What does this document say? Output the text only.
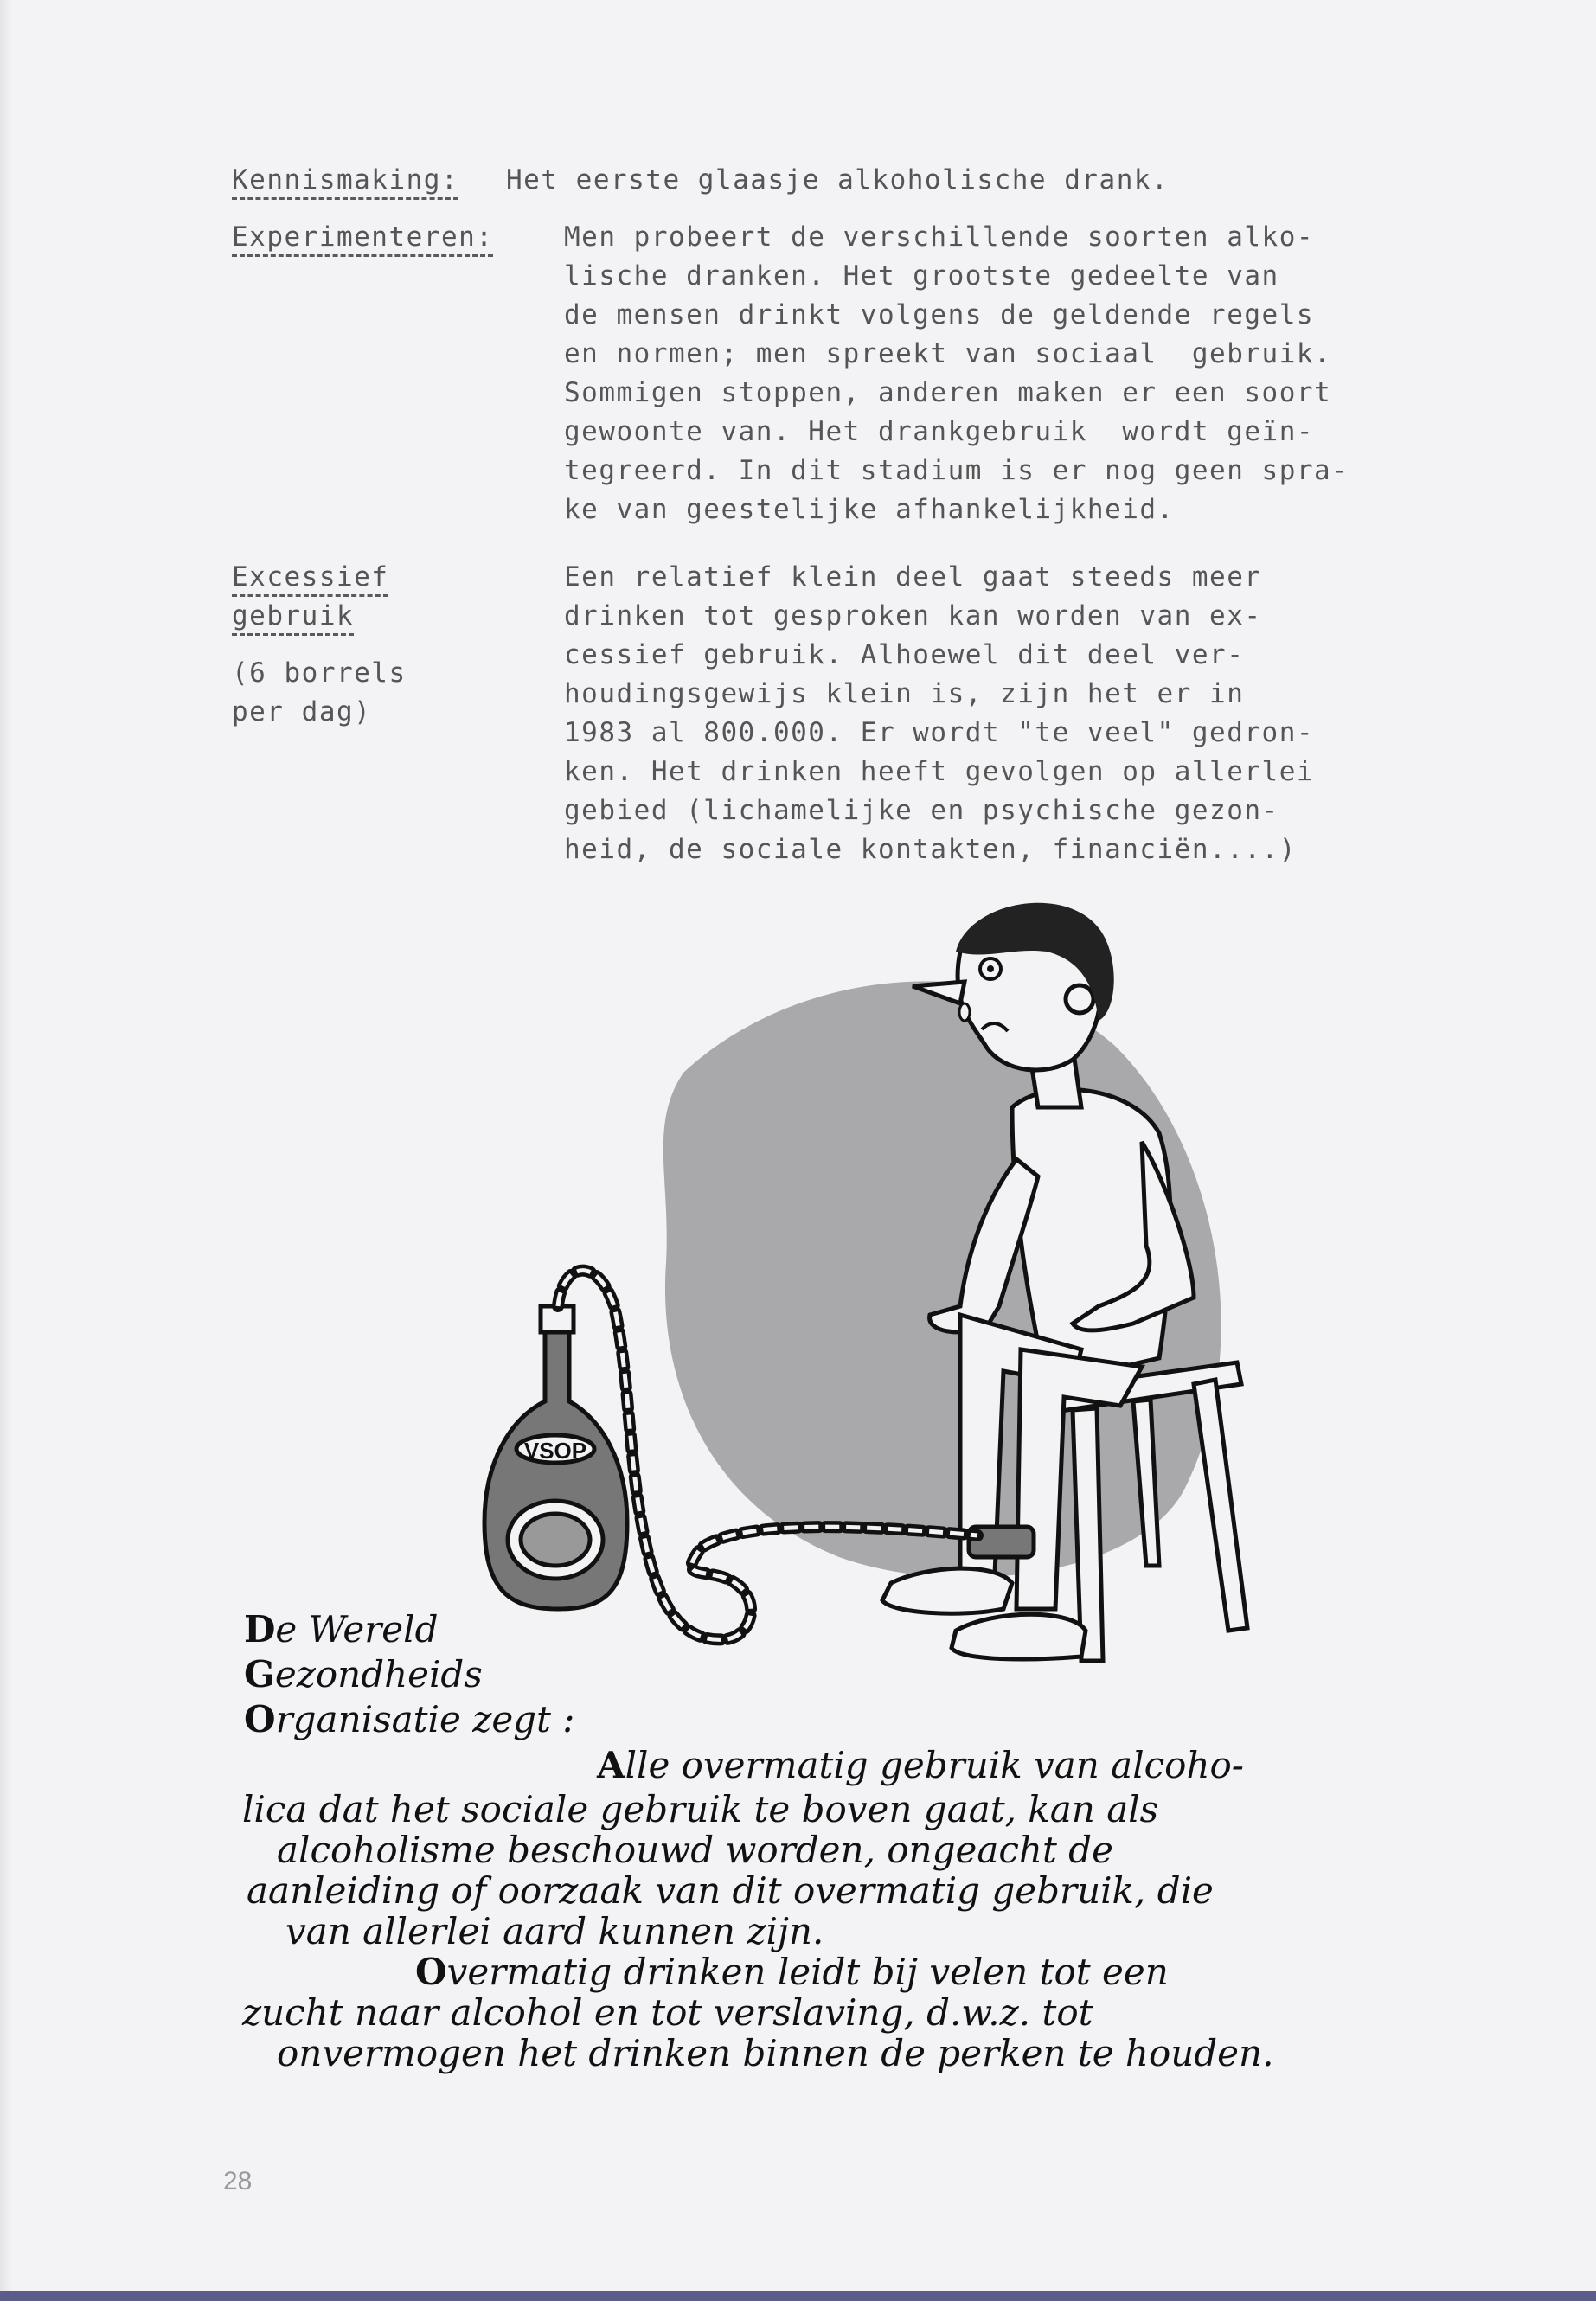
Kennismaking: Het eerste glaasje alkoholische drank.
Experimenteren:	Men probeert de verschillende soorten alko-
lische dranken. Het grootste gedeelte van
de mensen drinkt volgens de geldende regels
en normen; men spreekt van sociaal  gebruik.
Sommigen stoppen, anderen maken er een soort
gewoonte van. Het drankgebruik  wordt geïn-
tegreerd. In dit stadium is er nog geen spra-
ke van geestelijke afhankelijkheid.
Excessief
gebruik
(6 borrels
per dag)
Een relatief klein deel gaat steeds meer
drinken tot gesproken kan worden van ex-
cessief gebruik. Alhoewel dit deel ver-
houdingsgewijs klein is, zijn het er in
1983 al 800.000. Er wordt "te veel" gedron-
ken. Het drinken heeft gevolgen op allerlei
gebied (lichamelijke en psychische gezon-
heid, de sociale kontakten, financiën....)
VSOP
De Wereld
Gezondheids
Organisatie zegt :
Alle overmatig gebruik van alcoho-
lica dat het sociale gebruik te boven gaat, kan als
alcoholisme beschouwd worden, ongeacht de
aanleiding of oorzaak van dit overmatig gebruik, die
van allerlei aard kunnen zijn.
Overmatig drinken leidt bij velen tot een
zucht naar alcohol en tot verslaving, d.w.z. tot
onvermogen het drinken binnen de perken te houden.
28
